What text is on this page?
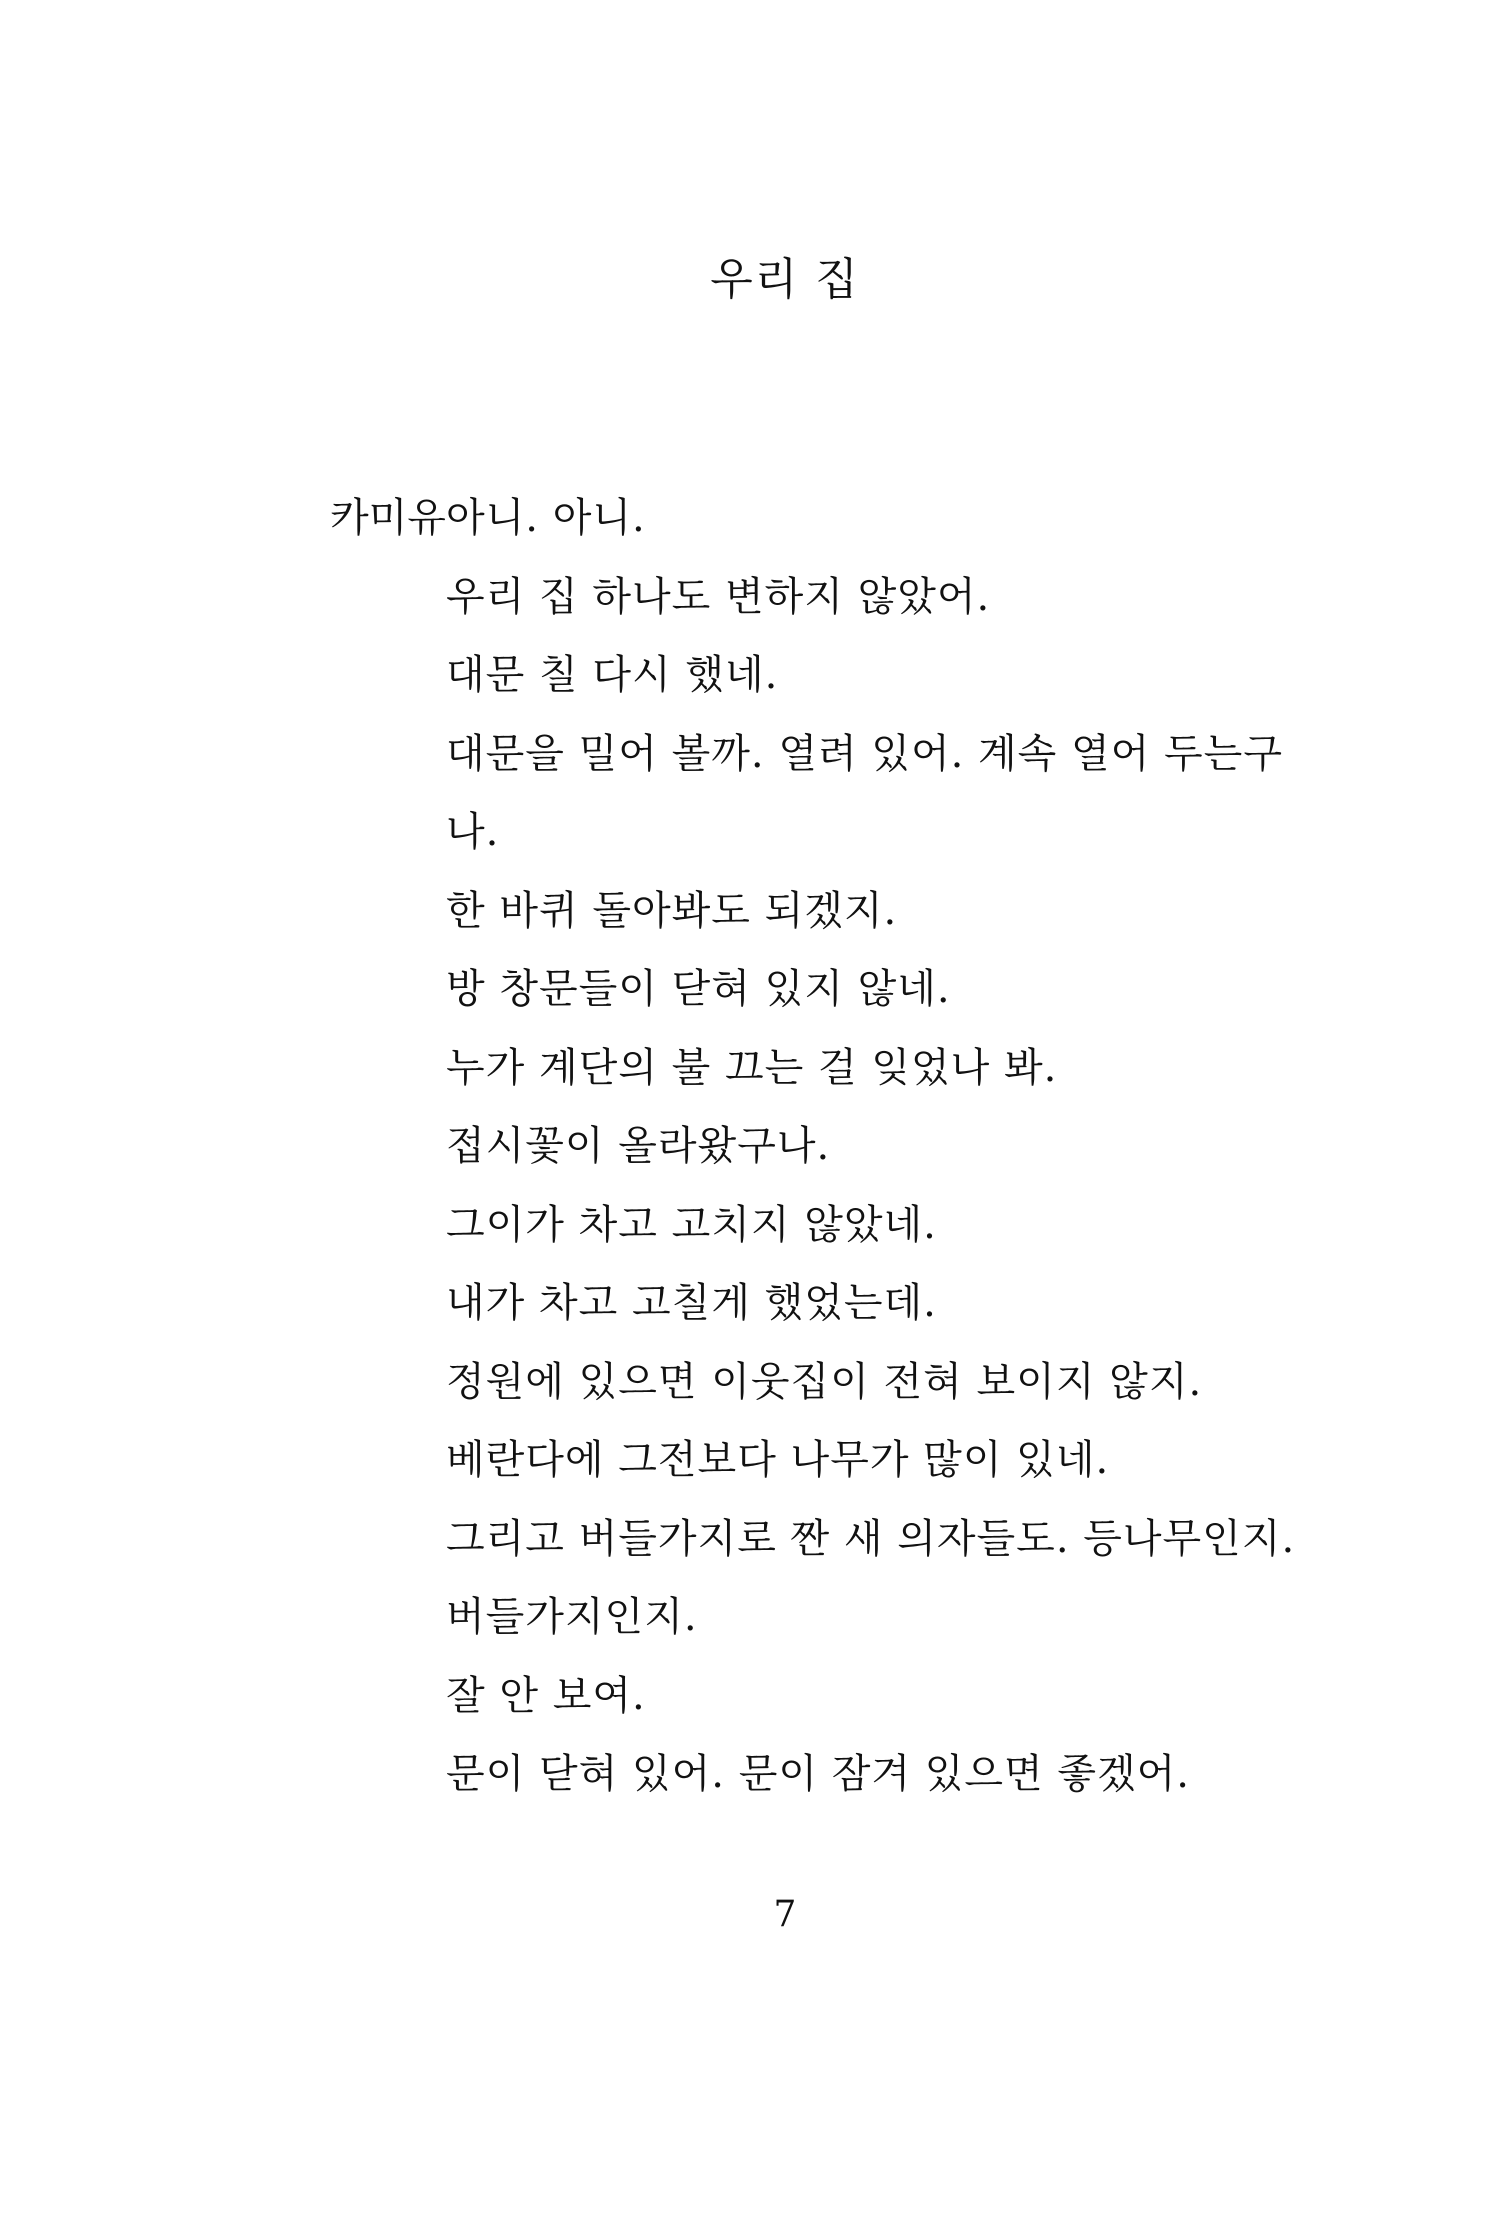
우리 집
카미유 아니. 아니.
우리 집 하나도 변하지 않았어.
대문 칠 다시 했네.
대문을 밀어 볼까. 열려 있어. 계속 열어 두는구
나.
한 바퀴 돌아봐도 되겠지.
방 창문들이 닫혀 있지 않네.
누가 계단의 불 끄는 걸 잊었나 봐.
접시꽃이 올라왔구나.
그이가 차고 고치지 않았네.
내가 차고 고칠게 했었는데.
정원에 있으면 이웃집이 전혀 보이지 않지.
베란다에 그전보다 나무가 많이 있네.
그리고 버들가지로 짠 새 의자들도. 등나무인지.
버들가지인지.
잘 안 보여.
문이 닫혀 있어. 문이 잠겨 있으면 좋겠어.
7
